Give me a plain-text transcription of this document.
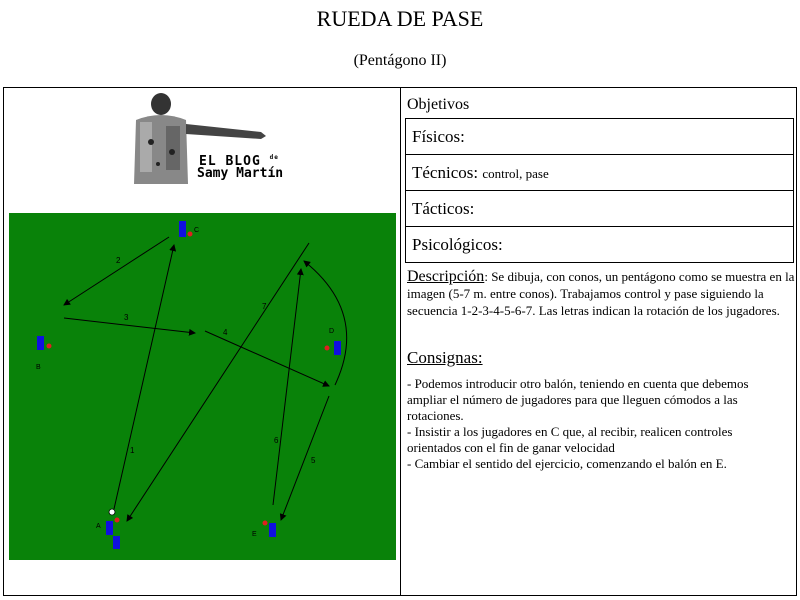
RUEDA DE PASE
(Pentágono II)
EL BLOG $^{de}$
Samy Martín
1
2
3
4
5
6
7
C
B
D
A
E
Objetivos
Físicos:
Técnicos: control, pase
Tácticos:
Psicológicos:
Descripción: Se dibuja, con conos, un pentágono como se muestra en la imagen (5-7 m. entre conos). Trabajamos control y pase siguiendo la secuencia 1-2-3-4-5-6-7. Las letras indican la rotación de los jugadores.
Consignas:

- Podemos introducir otro balón, teniendo en cuenta que debemos ampliar el número de jugadores para que lleguen cómodos a las rotaciones.

- Insistir a los jugadores en C que, al recibir, realicen controles orientados con el fin de ganar velocidad

- Cambiar el sentido del ejercicio, comenzando el balón en E.
